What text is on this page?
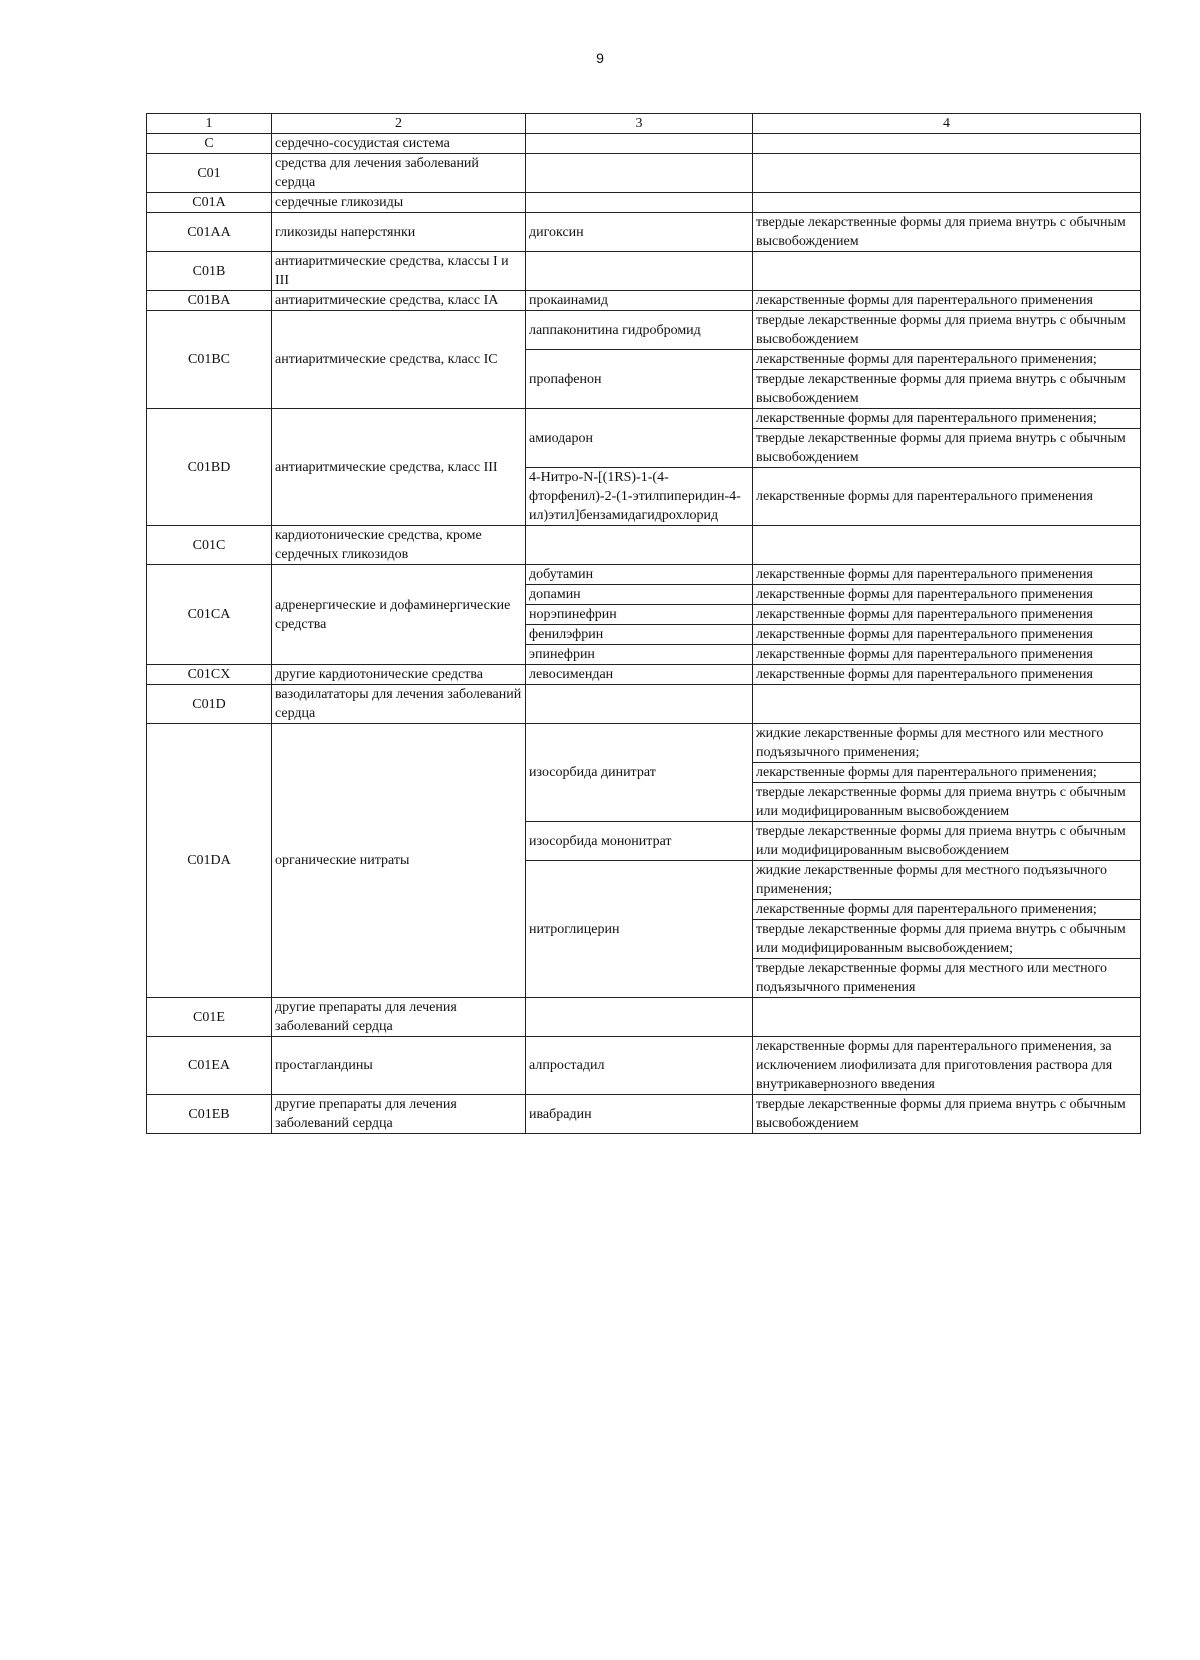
9
1	2	3	4
C	сердечно-сосудистая система		
C01	средства для лечения заболеваний сердца		
C01A	сердечные гликозиды		
C01AA	гликозиды наперстянки	дигоксин	твердые лекарственные формы для приема внутрь с обычным высвобождением
C01B	антиаритмические средства, классы I и III		
C01BA	антиаритмические средства, класс IA	прокаинамид	лекарственные формы для парентерального применения
C01BC	антиаритмические средства, класс IC	лаппаконитина гидробромид	твердые лекарственные формы для приема внутрь с обычным высвобождением
		пропафенон	лекарственные формы для парентерального применения;
			твердые лекарственные формы для приема внутрь с обычным высвобождением
C01BD	антиаритмические средства, класс III	амиодарон	лекарственные формы для парентерального применения;
			твердые лекарственные формы для приема внутрь с обычным высвобождением
		4-Нитро-N-[(1RS)-1-(4-фторфенил)-2-(1-этилпиперидин-4-ил)этил]бензамидагидрохлорид	лекарственные формы для парентерального применения
C01C	кардиотонические средства, кроме сердечных гликозидов		
C01CA	адренергические и дофаминергические средства	добутамин	лекарственные формы для парентерального применения
		допамин	лекарственные формы для парентерального применения
		норэпинефрин	лекарственные формы для парентерального применения
		фенилэфрин	лекарственные формы для парентерального применения
		эпинефрин	лекарственные формы для парентерального применения
C01CX	другие кардиотонические средства	левосимендан	лекарственные формы для парентерального применения
C01D	вазодилататоры для лечения заболеваний сердца		
C01DA	органические нитраты	изосорбида динитрат	жидкие лекарственные формы для местного или местного подъязычного применения;
			лекарственные формы для парентерального применения;
			твердые лекарственные формы для приема внутрь с обычным или модифицированным высвобождением
		изосорбида мононитрат	твердые лекарственные формы для приема внутрь с обычным или модифицированным высвобождением
		нитроглицерин	жидкие лекарственные формы для местного подъязычного применения;
			лекарственные формы для парентерального применения;
			твердые лекарственные формы для приема внутрь с обычным или модифицированным высвобождением;
			твердые лекарственные формы для местного или местного подъязычного применения
C01E	другие препараты для лечения заболеваний сердца		
C01EA	простагландины	алпростадил	лекарственные формы для парентерального применения, за исключением лиофилизата для приготовления раствора для внутрикавернозного введения
C01EB	другие препараты для лечения заболеваний сердца	ивабрадин	твердые лекарственные формы для приема внутрь с обычным высвобождением
